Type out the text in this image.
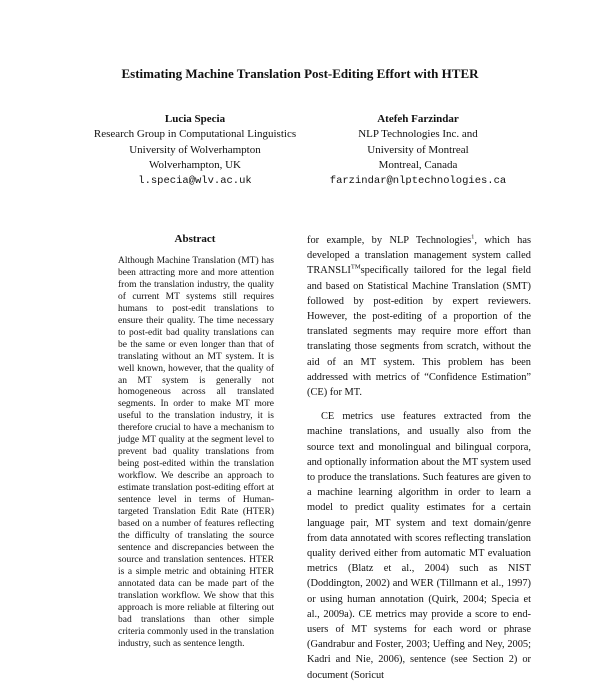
Estimating Machine Translation Post-Editing Effort with HTER
Lucia Specia
Research Group in Computational Linguistics
University of Wolverhampton
Wolverhampton, UK
l.specia@wlv.ac.uk
Atefeh Farzindar
NLP Technologies Inc. and
University of Montreal
Montreal, Canada
farzindar@nlptechnologies.ca
Abstract
Although Machine Translation (MT) has been attracting more and more attention from the translation industry, the quality of current MT systems still requires humans to post-edit translations to ensure their quality. The time necessary to post-edit bad quality translations can be the same or even longer than that of translating without an MT system. It is well known, however, that the quality of an MT system is generally not homogeneous across all translated segments. In order to make MT more useful to the translation industry, it is therefore crucial to have a mechanism to judge MT quality at the segment level to prevent bad quality translations from being post-edited within the translation workflow. We describe an approach to estimate translation post-editing effort at sentence level in terms of Human-targeted Translation Edit Rate (HTER) based on a number of features reflecting the difficulty of translating the source sentence and discrepancies between the source and translation sentences. HTER is a simple metric and obtaining HTER annotated data can be made part of the translation workflow. We show that this approach is more reliable at filtering out bad translations than other simple criteria commonly used in the translation industry, such as sentence length.

for example, by NLP Technologies$^1$, which has developed a translation management system called TRANSLI™specifically tailored for the legal field and based on Statistical Machine Translation (SMT) followed by post-edition by expert reviewers. However, the post-editing of a proportion of the translated segments may require more effort than translating those segments from scratch, without the aid of an MT system. This problem has been addressed with metrics of “Confidence Estimation” (CE) for MT.

CE metrics use features extracted from the machine translations, and usually also from the source text and monolingual and bilingual corpora, and optionally information about the MT system used to produce the translations. Such features are given to a machine learning algorithm in order to learn a model to predict quality estimates for a certain language pair, MT system and text domain/genre from data annotated with scores reflecting translation quality derived either from automatic MT evaluation metrics (Blatz et al., 2004) such as NIST (Doddington, 2002) and WER (Tillmann et al., 1997) or using human annotation (Quirk, 2004; Specia et al., 2009a). CE metrics may provide a score to end-users of MT systems for each word or phrase (Gandrabur and Foster, 2003; Ueffing and Ney, 2005; Kadri and Nie, 2006), sentence (see Section 2) or document (Soricut
